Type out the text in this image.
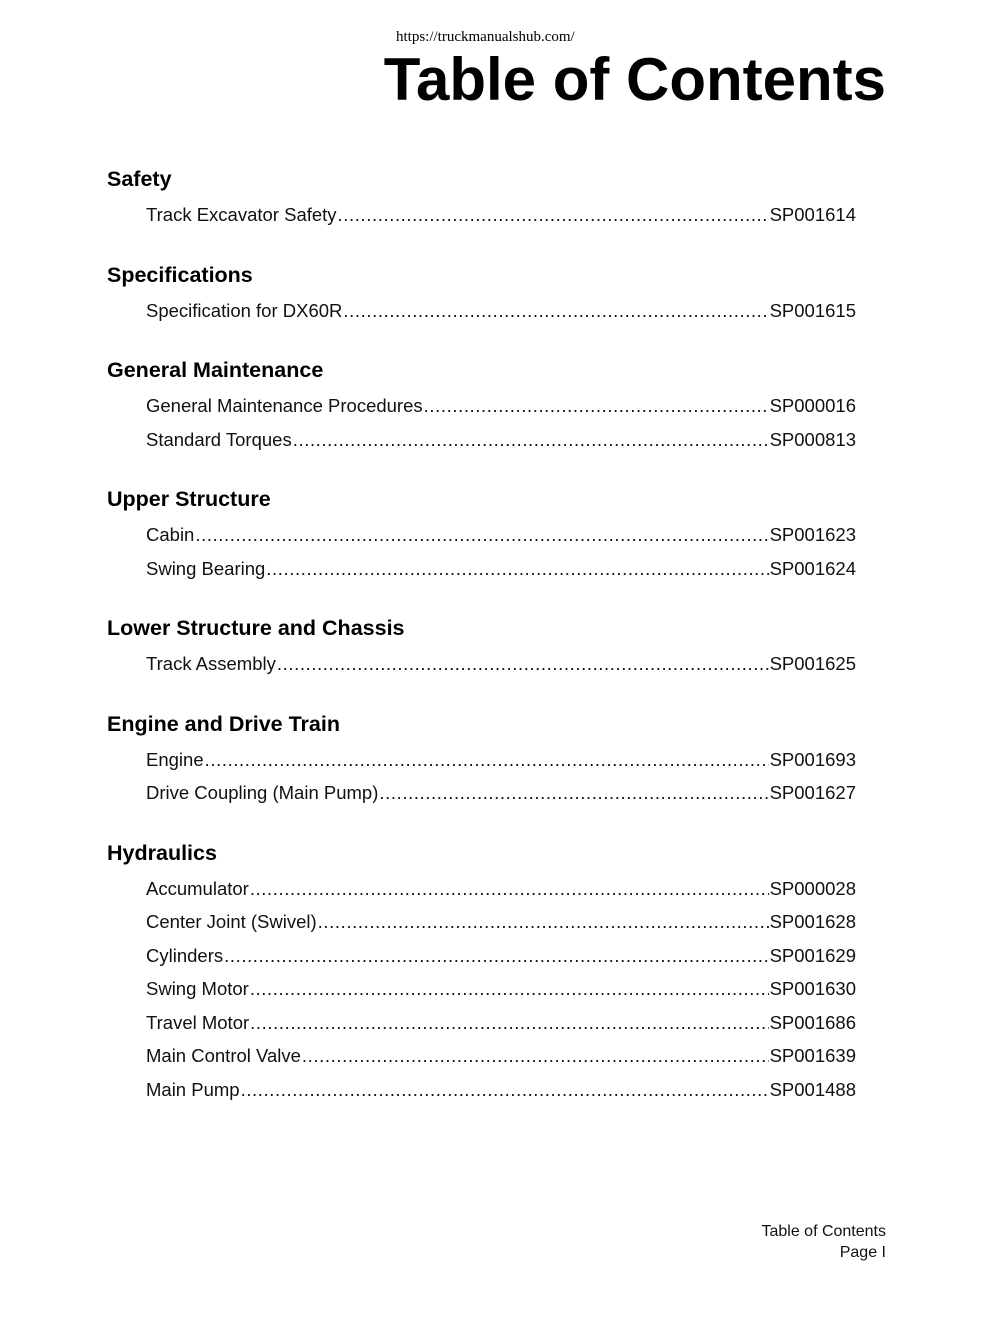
https://truckmanualshub.com/
Table of Contents
Safety
Track Excavator Safety .....	SP001614
Specifications
Specification for DX60R .....	SP001615
General Maintenance
General Maintenance Procedures .....	SP000016
Standard Torques .....	SP000813
Upper Structure
Cabin .....	SP001623
Swing Bearing .....	SP001624
Lower Structure and Chassis
Track Assembly .....	SP001625
Engine and Drive Train
Engine .....	SP001693
Drive Coupling (Main Pump) .....	SP001627
Hydraulics
Accumulator .....	SP000028
Center Joint (Swivel) .....	SP001628
Cylinders .....	SP001629
Swing Motor .....	SP001630
Travel Motor .....	SP001686
Main Control Valve .....	SP001639
Main Pump .....	SP001488
Table of Contents
Page I
